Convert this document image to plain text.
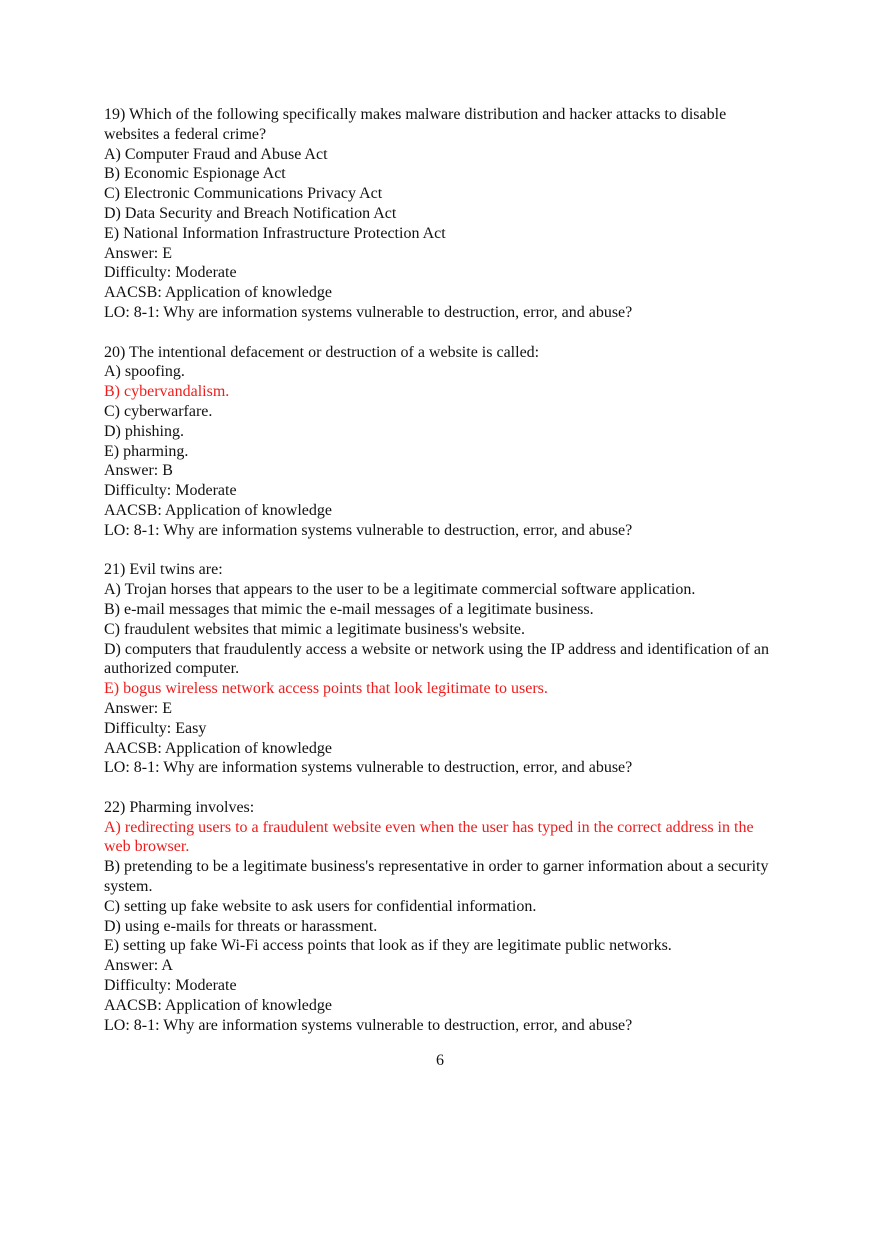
19) Which of the following specifically makes malware distribution and hacker attacks to disable websites a federal crime?

A) Computer Fraud and Abuse Act

B) Economic Espionage Act

C) Electronic Communications Privacy Act

D) Data Security and Breach Notification Act

E) National Information Infrastructure Protection Act

Answer: E

Difficulty: Moderate

AACSB: Application of knowledge

LO: 8-1: Why are information systems vulnerable to destruction, error, and abuse?

20) The intentional defacement or destruction of a website is called:

A) spoofing.

B) cybervandalism.

C) cyberwarfare.

D) phishing.

E) pharming.

Answer: B

Difficulty: Moderate

AACSB: Application of knowledge

LO: 8-1: Why are information systems vulnerable to destruction, error, and abuse?

21) Evil twins are:

A) Trojan horses that appears to the user to be a legitimate commercial software application.

B) e-mail messages that mimic the e-mail messages of a legitimate business.

C) fraudulent websites that mimic a legitimate business's website.

D) computers that fraudulently access a website or network using the IP address and identification of an authorized computer.

E) bogus wireless network access points that look legitimate to users.

Answer: E

Difficulty: Easy

AACSB: Application of knowledge

LO: 8-1: Why are information systems vulnerable to destruction, error, and abuse?

22) Pharming involves:

A) redirecting users to a fraudulent website even when the user has typed in the correct address in the web browser.

B) pretending to be a legitimate business's representative in order to garner information about a security system.

C) setting up fake website to ask users for confidential information.

D) using e-mails for threats or harassment.

E) setting up fake Wi-Fi access points that look as if they are legitimate public networks.

Answer: A

Difficulty: Moderate

AACSB: Application of knowledge

LO: 8-1: Why are information systems vulnerable to destruction, error, and abuse?

6
